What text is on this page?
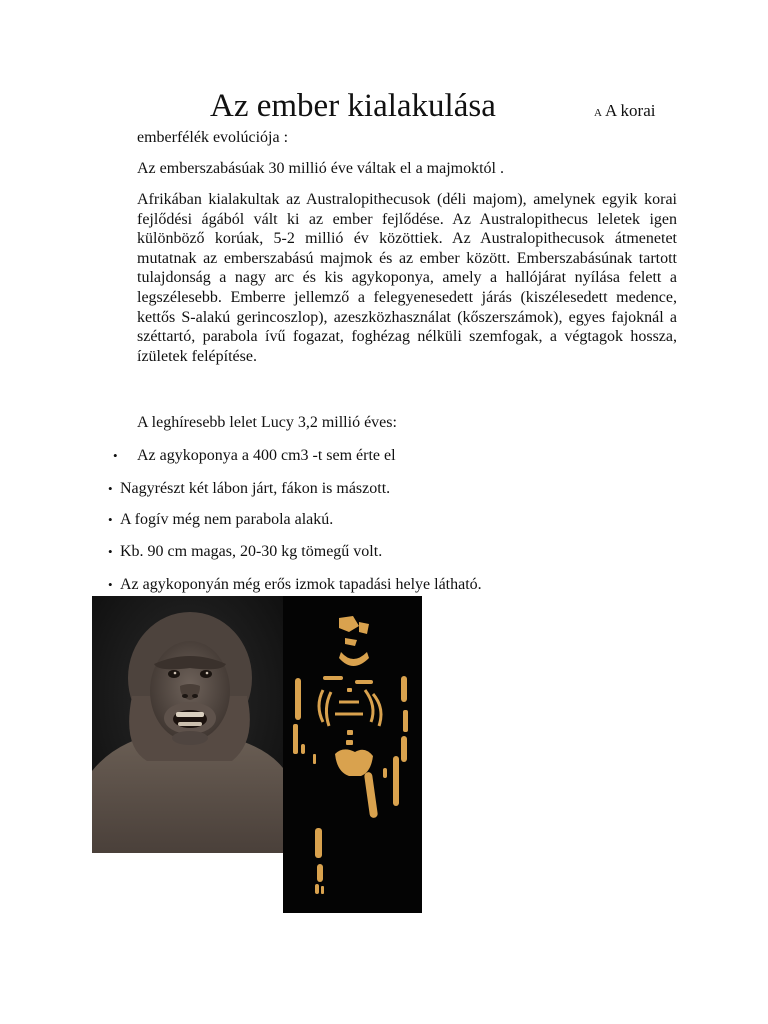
Az ember kialakulása	A A korai

emberfélék evolúciója :

Az emberszabásúak 30 millió éve váltak el a majmoktól .

Afrikában kialakultak az Australopithecusok (déli majom), amelynek egyik korai fejlődési ágából vált ki az ember fejlődése. Az Australopithecus leletek igen különböző korúak, 5-2 millió év közöttiek. Az Australopithecusok átmenetet mutatnak az emberszabású majmok és az ember között. Emberszabásúnak tartott tulajdonság a nagy arc és kis agykoponya, amely a hallójárat nyílása felett a legszélesebb. Emberre jellemző a felegyenesedett járás (kiszélesedett medence, kettős S-alakú gerincoszlop), azeszközhasználat (kőszerszámok), egyes fajoknál a széttartó, parabola ívű fogazat, foghézag nélküli szemfogak, a végtagok hossza, ízületek felépítése.

A leghíresebb lelet Lucy 3,2 millió éves:

• Az agykoponya a 400 cm3 -t sem érte el
• Nagyrészt két lábon járt, fákon is mászott.
• A fogív még nem parabola alakú.
• Kb. 90 cm magas, 20-30 kg tömegű volt.
• Az agykoponyán még erős izmok tapadási helye látható.
